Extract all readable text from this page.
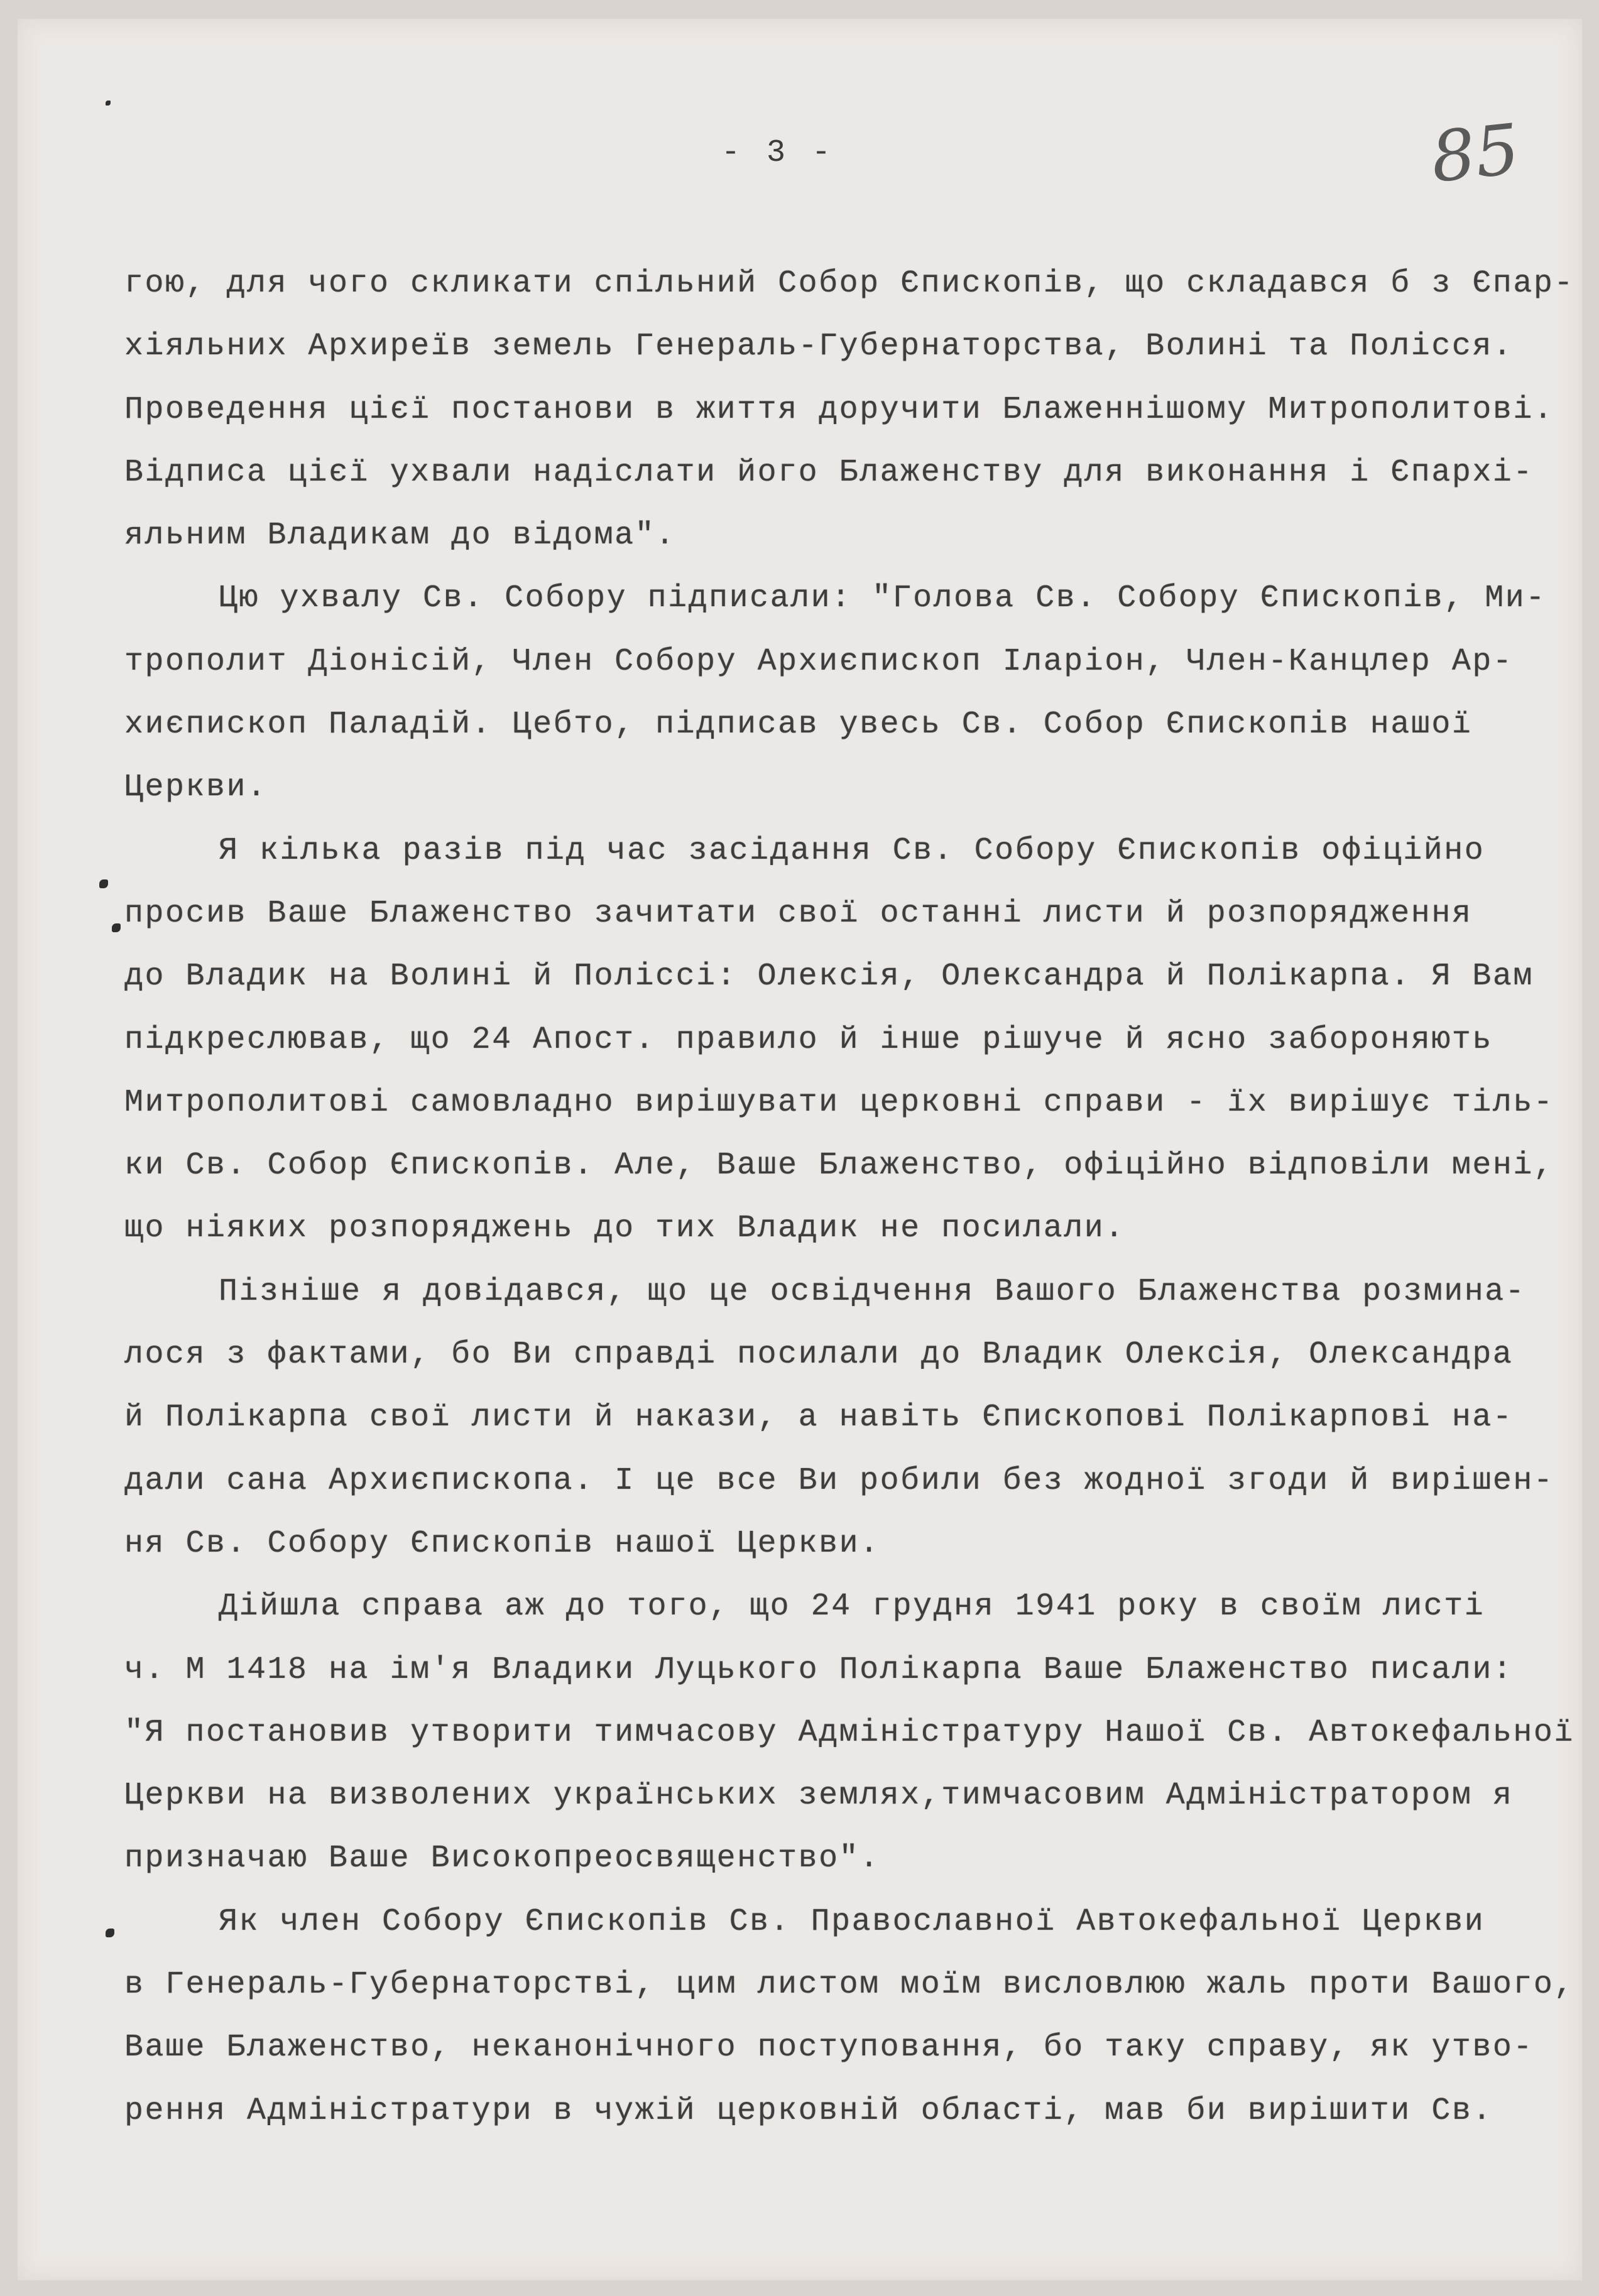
- 3 -	85
гою, для чого скликати спільний Собор Єпископів, що складався б з Єпар-
хіяльних Архиреїв земель Генераль-Губернаторства, Волині та Полісся.
Проведення цієї постанови в життя доручити Блаженнішому Митрополитові.
Відписа цієї ухвали надіслати його Блаженству для виконання і Єпархі-
яльним Владикам до відома".
Цю ухвалу Св. Собору підписали: "Голова Св. Собору Єпископів, Ми-
трополит Діонісій, Член Собору Архиєпископ Іларіон, Член-Канцлер Ар-
хиєпископ Паладій. Цебто, підписав увесь Св. Собор Єпископів нашої
Церкви.
Я кілька разів під час засідання Св. Собору Єпископів офіційно
просив Ваше Блаженство зачитати свої останні листи й розпорядження
до Владик на Волині й Поліссі: Олексія, Олександра й Полікарпа. Я Вам
підкреслював, що 24 Апост. правило й інше рішуче й ясно забороняють
Митрополитові самовладно вирішувати церковні справи - їх вирішує тіль-
ки Св. Собор Єпископів. Але, Ваше Блаженство, офіційно відповіли мені,
що ніяких розпоряджень до тих Владик не посилали.
Пізніше я довідався, що це освідчення Вашого Блаженства розминa-
лося з фактами, бо Ви справді посилали до Владик Олексія, Олександра
й Полікарпа свої листи й накази, а навіть Єпископові Полікарпові на-
дали сана Архиєпископа. І це все Ви робили без жодної згоди й вирішен-
ня Св. Собору Єпископів нашої Церкви.
Дійшла справа аж до того, що 24 грудня 1941 року в своїм листі
ч. М 1418 на ім'я Владики Луцького Полікарпа Ваше Блаженство писали:
"Я постановив утворити тимчасову Адміністратуру Нашої Св. Автокефальної
Церкви на визволених українських землях,тимчасовим Адміністратором я
призначаю Ваше Високопреосвященство".
Як член Собору Єпископів Св. Православної Автокефальної Церкви
в Генераль-Губернаторстві, цим листом моїм висловлюю жаль проти Вашого,
Ваше Блаженство, неканонічного поступовання, бо таку справу, як утво-
рення Адміністратури в чужій церковній області, мав би вирішити Св.
